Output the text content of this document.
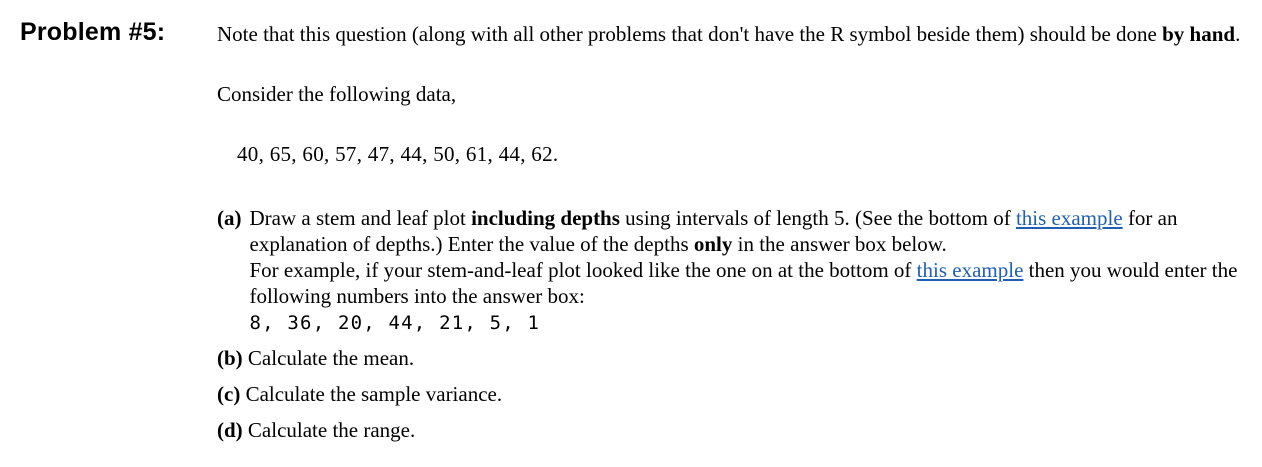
Problem #5: Note that this question (along with all other problems that don't have the R symbol beside them) should be done by hand.

Consider the following data,

40, 65, 60, 57, 47, 44, 50, 61, 44, 62.

(a) Draw a stem and leaf plot including depths using intervals of length 5. (See the bottom of this example for an explanation of depths.) Enter the value of the depths only in the answer box below.
For example, if your stem-and-leaf plot looked like the one on at the bottom of this example then you would enter the following numbers into the answer box:
8, 36, 20, 44, 21, 5, 1

(b) Calculate the mean.

(c) Calculate the sample variance.

(d) Calculate the range.
